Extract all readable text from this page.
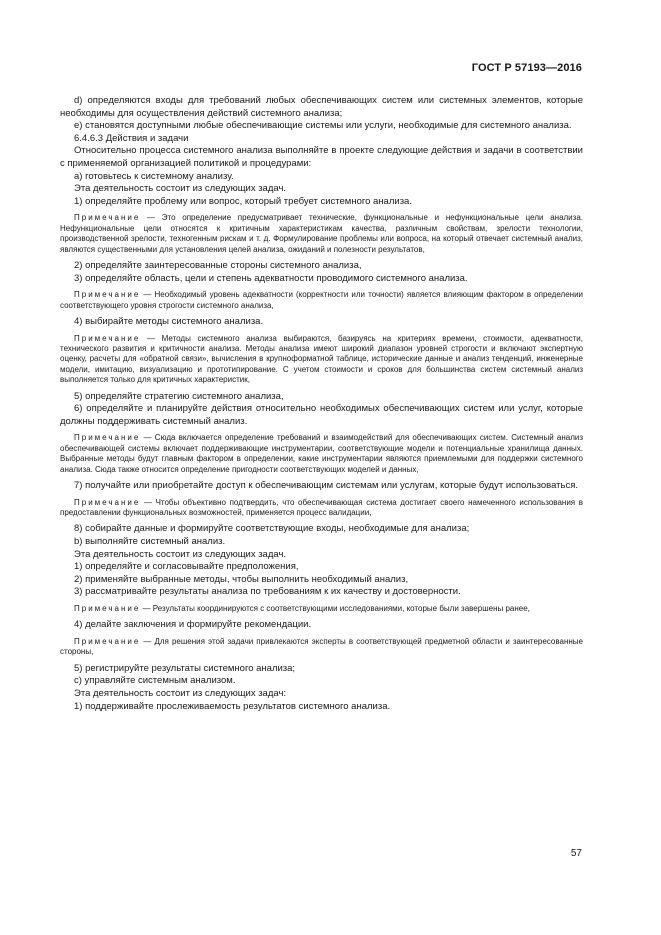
ГОСТ Р 57193—2016

d) определяются входы для требований любых обеспечивающих систем или системных элементов, которые необходимы для осуществления действий системного анализа;

e) становятся доступными любые обеспечивающие системы или услуги, необходимые для системного анализа.

6.4.6.3 Действия и задачи

Относительно процесса системного анализа выполняйте в проекте следующие действия и задачи в соответствии с применяемой организацией политикой и процедурами:

а) готовьтесь к системному анализу.

Эта деятельность состоит из следующих задач.

1) определяйте проблему или вопрос, который требует системного анализа.

Примечание — Это определение предусматривает технические, функциональные и нефункциональные цели анализа. Нефункциональные цели относятся к критичным характеристикам качества, различным свойствам, зрелости технологии, производственной зрелости, техногенным рискам и т. д. Формулирование проблемы или вопроса, на который отвечает системный анализ, являются существенными для установления целей анализа, ожиданий и полезности результатов,

2) определяйте заинтересованные стороны системного анализа,

3) определяйте область, цели и степень адекватности проводимого системного анализа.

Примечание — Необходимый уровень адекватности (корректности или точности) является влияющим фактором в определении соответствующего уровня строгости системного анализа,

4) выбирайте методы системного анализа.

Примечание — Методы системного анализа выбираются, базируясь на критериях времени, стоимости, адекватности, технического развития и критичности анализа. Методы анализа имеют широкий диапазон уровней строгости и включают экспертную оценку, расчеты для «обратной связи», вычисления в крупноформатной таблице, исторические данные и анализ тенденций, инженерные модели, имитацию, визуализацию и прототипирование. С учетом стоимости и сроков для большинства систем системный анализ выполняется только для критичных характеристик,

5) определяйте стратегию системного анализа,

6) определяйте и планируйте действия относительно необходимых обеспечивающих систем или услуг, которые должны поддерживать системный анализ.

Примечание — Сюда включается определение требований и взаимодействий для обеспечивающих систем. Системный анализ обеспечивающей системы включает поддерживающие инструментарии, соответствующие модели и потенциальные хранилища данных. Выбранные методы будут главным фактором в определении, какие инструментарии являются приемлемыми для поддержки системного анализа. Сюда также относится определение пригодности соответствующих моделей и данных,

7) получайте или приобретайте доступ к обеспечивающим системам или услугам, которые будут использоваться.

Примечание — Чтобы объективно подтвердить, что обеспечивающая система достигает своего намеченного использования в предоставлении функциональных возможностей, применяется процесс валидации,

8) собирайте данные и формируйте соответствующие входы, необходимые для анализа;

b) выполняйте системный анализ.

Эта деятельность состоит из следующих задач.

1) определяйте и согласовывайте предположения,

2) применяйте выбранные методы, чтобы выполнить необходимый анализ,

3) рассматривайте результаты анализа по требованиям к их качеству и достоверности.

Примечание — Результаты координируются с соответствующими исследованиями, которые были завершены ранее,

4) делайте заключения и формируйте рекомендации.

Примечание — Для решения этой задачи привлекаются эксперты в соответствующей предметной области и заинтересованные стороны,

5) регистрируйте результаты системного анализа;

c) управляйте системным анализом.

Эта деятельность состоит из следующих задач:

1) поддерживайте прослеживаемость результатов системного анализа.

57
